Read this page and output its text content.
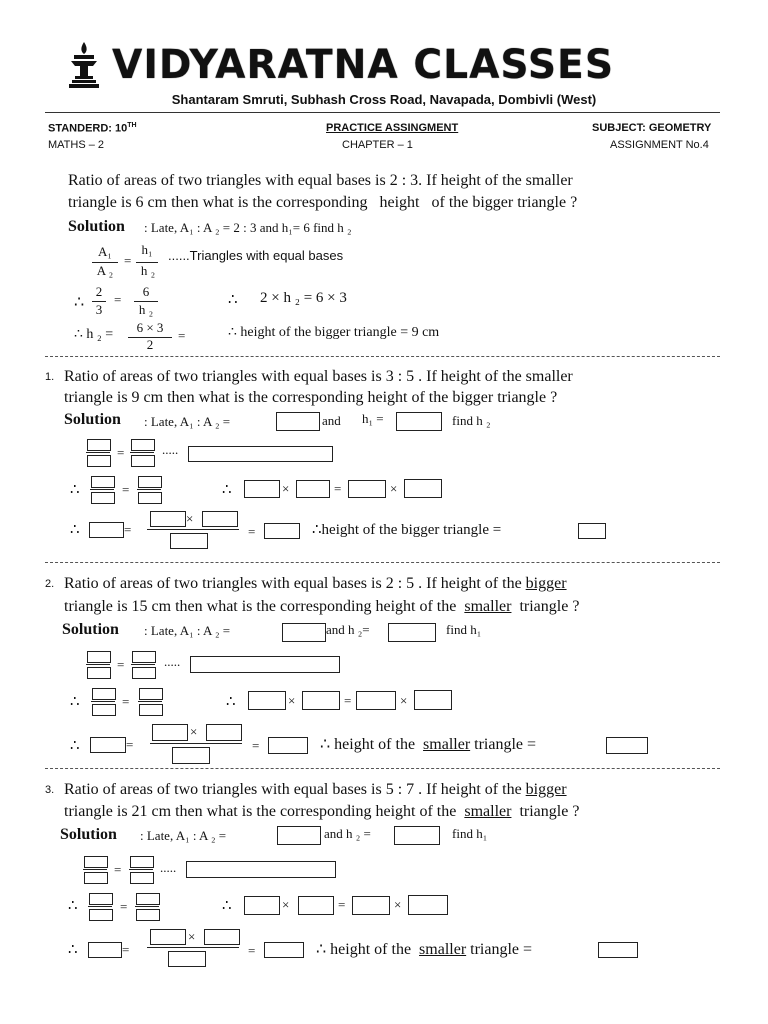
VIDYARATNA CLASSES
Shantaram Smruti, Subhash Cross Road, Navapada, Dombivli (West)
STANDERD: 10TH
MATHS – 2
PRACTICE ASSINGMENT
CHAPTER – 1
SUBJECT: GEOMETRY
ASSIGNMENT No.4
Ratio of areas of two triangles with equal bases is 2 : 3. If height of the smaller
triangle is 6 cm then what is the corresponding height of the bigger triangle ?
Solution : Late, A₁ : A ₂ = 2 : 3 and h₁= 6 find h ₂
A₁
A ₂
=
h₁
h ₂
......Triangles with equal bases
∴
2
3
=
6
h ₂
∴ 2 × h ₂ = 6 × 3
∴ h ₂ =	6 × 3
2
=	∴ height of the bigger triangle = 9 cm
1. Ratio of areas of two triangles with equal bases is 3 : 5 . If height of the smaller
triangle is 9 cm then what is the corresponding height of the bigger triangle ?
Solution : Late, A₁ : A ₂ =	and h₁ =	find h ₂
=	.....
∴	=	∴	×	=	×
∴	=
×
=	∴height of the bigger triangle =
2. Ratio of areas of two triangles with equal bases is 2 : 5 . If height of the bigger
triangle is 15 cm then what is the corresponding height of the smaller triangle ?
Solution : Late, A₁ : A ₂ =	and h ₂=	find h₁
=	.....
∴	=	∴	×	=	×
∴	=
×
=	∴ height of the smaller triangle =
3. Ratio of areas of two triangles with equal bases is 5 : 7 . If height of the bigger
triangle is 21 cm then what is the corresponding height of the smaller triangle ?
Solution : Late, A₁ : A ₂ =	and h ₂ =	find h₁
=	.....
∴	=	∴	×	=	×
∴	=
×
=	∴ height of the smaller triangle =
